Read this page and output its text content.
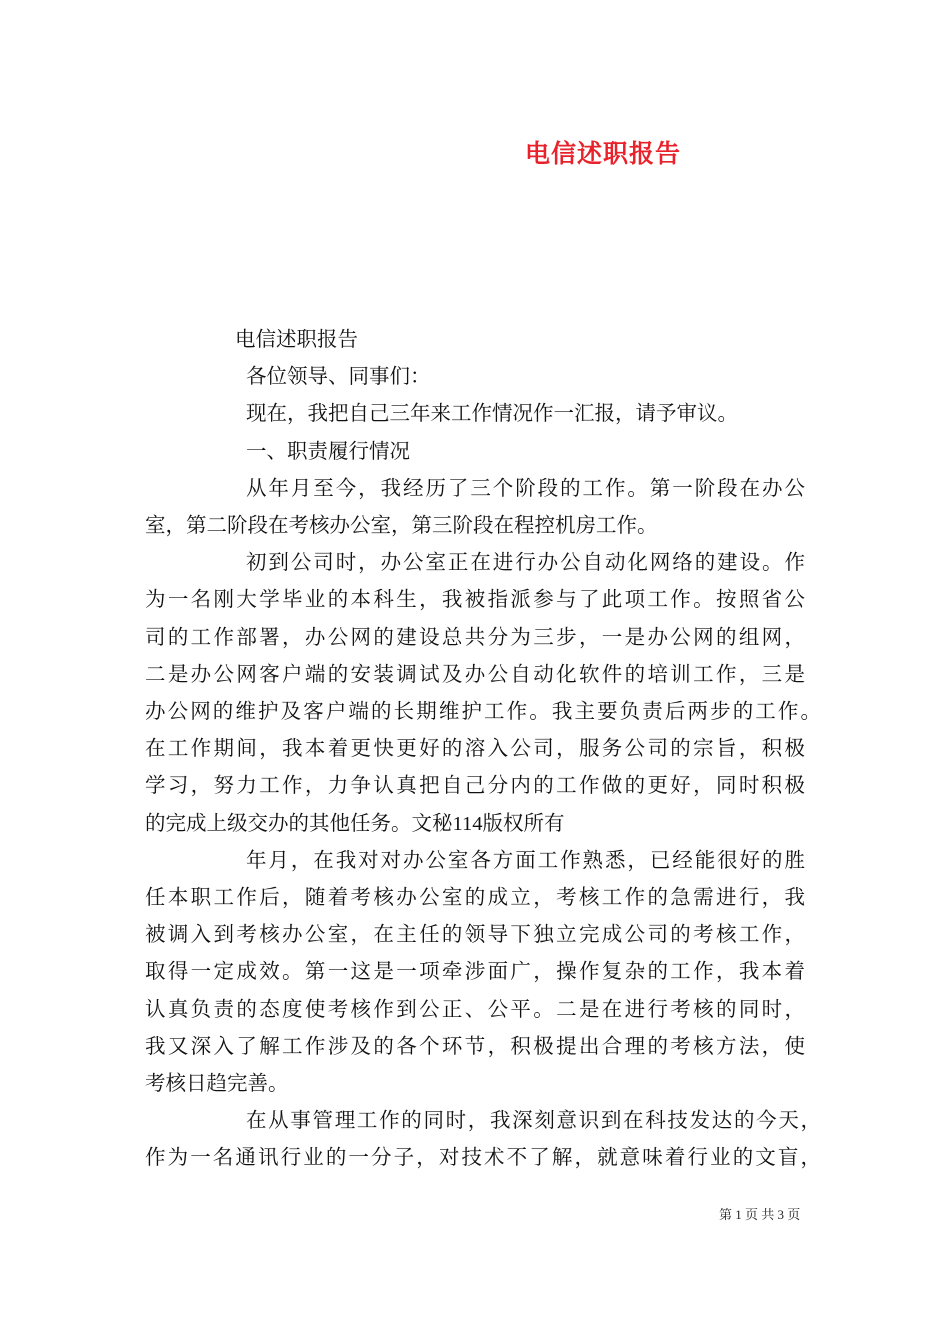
电信述职报告
电信述职报告
各位领导、同事们：
现在，我把自己三年来工作情况作一汇报，请予审议。
一、职责履行情况
从年月至今，我经历了三个阶段的工作。第一阶段在办公
室，第二阶段在考核办公室，第三阶段在程控机房工作。
初到公司时，办公室正在进行办公自动化网络的建设。作
为一名刚大学毕业的本科生，我被指派参与了此项工作。按照省公
司的工作部署，办公网的建设总共分为三步，一是办公网的组网，
二是办公网客户端的安装调试及办公自动化软件的培训工作，三是
办公网的维护及客户端的长期维护工作。我主要负责后两步的工作。
在工作期间，我本着更快更好的溶入公司，服务公司的宗旨，积极
学习，努力工作，力争认真把自己分内的工作做的更好，同时积极
的完成上级交办的其他任务。文秘114版权所有
年月，在我对对办公室各方面工作熟悉，已经能很好的胜
任本职工作后，随着考核办公室的成立，考核工作的急需进行，我
被调入到考核办公室，在主任的领导下独立完成公司的考核工作，
取得一定成效。第一这是一项牵涉面广，操作复杂的工作，我本着
认真负责的态度使考核作到公正、公平。二是在进行考核的同时，
我又深入了解工作涉及的各个环节，积极提出合理的考核方法，使
考核日趋完善。
在从事管理工作的同时，我深刻意识到在科技发达的今天，
作为一名通讯行业的一分子，对技术不了解，就意味着行业的文盲，
第 1 页 共 3 页
